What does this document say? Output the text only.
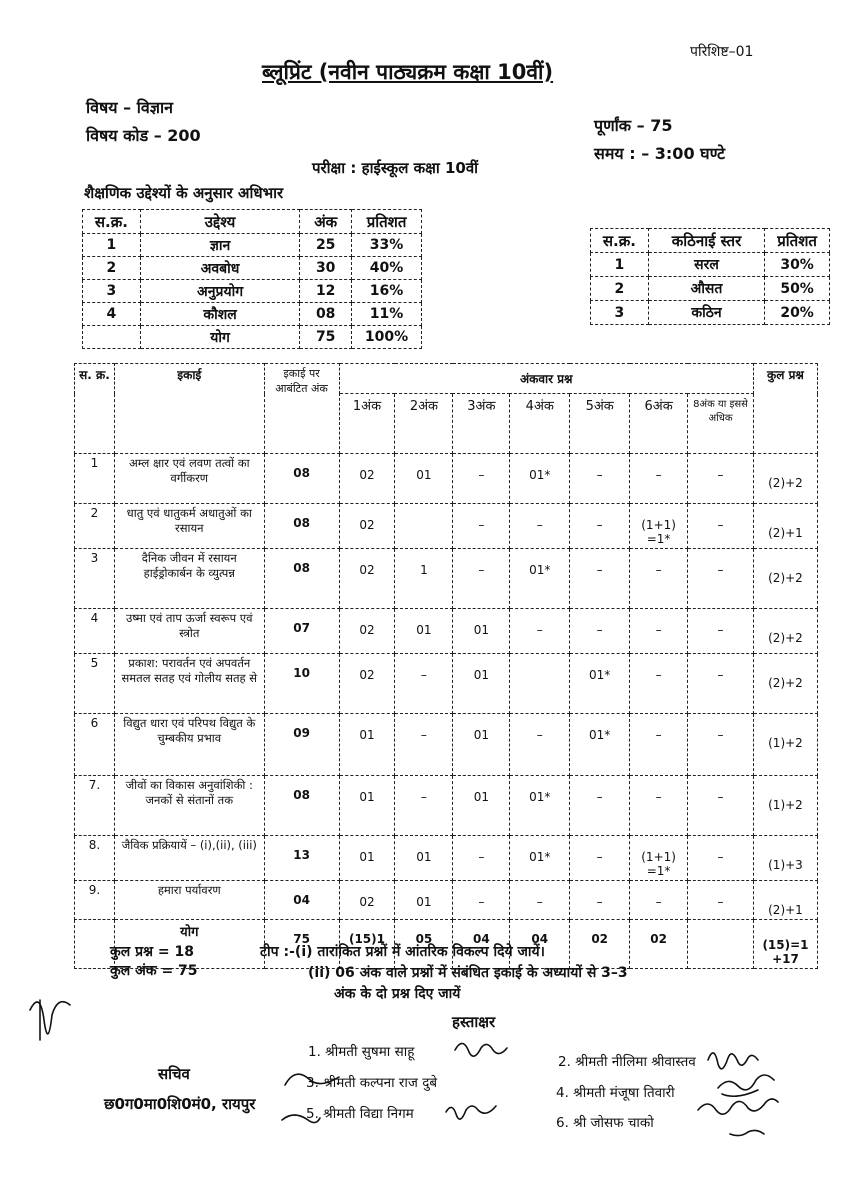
परिशिष्ट–01
ब्लूप्रिंट (नवीन पाठ्यक्रम कक्षा 10वीं)
विषय – विज्ञान
विषय कोड – 200
पूर्णांक – 75
समय : – 3:00 घण्टे
परीक्षा : हाईस्कूल कक्षा 10वीं
शैक्षणिक उद्देश्यों के अनुसार अधिभार
स.क्र.	उद्देश्य	अंक	प्रतिशत
1	ज्ञान	25	33%
2	अवबोध	30	40%
3	अनुप्रयोग	12	16%
4	कौशल	08	11%
	योग	75	100%
स.क्र.	कठिनाई स्तर	प्रतिशत
1	सरल	30%
2	औसत	50%
3	कठिन	20%
स. क्र.	इकाई	इकाई पर आबंटित अंक	अंकवार प्रश्न							कुल प्रश्न
			1अंक	2अंक	3अंक	4अंक	5अंक	6अंक	8अंक या इससे अधिक	
1	अम्ल क्षार एवं लवण तत्वों का वर्गीकरण	08	02	01	–	01*	–	–	–	(2)+2
2	धातु एवं धातुकर्म अधातुओं का रसायन	08	02		–	–	–	(1+1) =1*	–	(2)+1
3	दैनिक जीवन में रसायन हाईड्रोकार्बन के व्युत्पन्न	08	02	1	–	01*	–	–	–	(2)+2
4	उष्मा एवं ताप ऊर्जा स्वरूप एवं स्त्रोत	07	02	01	01	–	–	–	–	(2)+2
5	प्रकाश: परावर्तन एवं अपवर्तन समतल सतह एवं गोलीय सतह से	10	02	–	01		01*	–	–	(2)+2
6	विद्युत धारा एवं परिपथ विद्युत के चुम्बकीय प्रभाव	09	01	–	01	–	01*	–	–	(1)+2
7.	जीवों का विकास अनुवांशिकी : जनकों से संतानों तक	08	01	–	01	01*	–	–	–	(1)+2
8.	जैविक प्रक्रियायें – (i),(ii), (iii)	13	01	01	–	01*	–	(1+1) =1*	–	(1)+3
9.	हमारा पर्यावरण	04	02	01	–	–	–	–	–	(2)+1
	योग	75	(15)1	05	04	04	02	02		(15)=1 +17
कुल प्रश्न = 18
कुल अंक = 75
टीप :-(i) तारांकित प्रश्नों में आंतरिक विकल्प दिये जायें।
(ii) 06 अंक वाले प्रश्नों में संबंधित इकाई के अध्यायों से 3–3
अंक के दो प्रश्न दिए जायें
हस्ताक्षर
सचिव
छ0ग0मा0शि0मं0, रायपुर
1. श्रीमती सुषमा साहू
2. श्रीमती नीलिमा श्रीवास्तव
3. श्रीमती कल्पना राज दुबे
4. श्रीमती मंजूषा तिवारी
5. श्रीमती विद्या निगम
6. श्री जोसफ चाको
